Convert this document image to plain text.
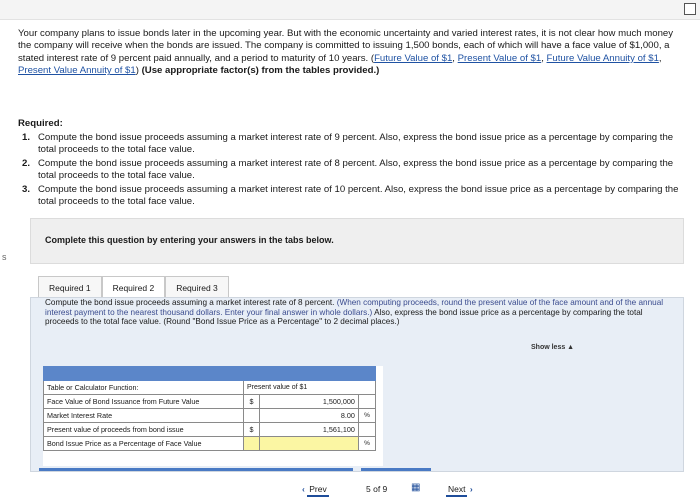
s
Your company plans to issue bonds later in the upcoming year. But with the economic uncertainty and varied interest rates, it is not clear how much money the company will receive when the bonds are issued. The company is committed to issuing 1,500 bonds, each of which will have a face value of $1,000, a stated interest rate of 9 percent paid annually, and a period to maturity of 10 years. (Future Value of $1, Present Value of $1, Future Value Annuity of $1, Present Value Annuity of $1) (Use appropriate factor(s) from the tables provided.)
Required:
1. Compute the bond issue proceeds assuming a market interest rate of 9 percent. Also, express the bond issue price as a percentage by comparing the total proceeds to the total face value.
2. Compute the bond issue proceeds assuming a market interest rate of 8 percent. Also, express the bond issue price as a percentage by comparing the total proceeds to the total face value.
3. Compute the bond issue proceeds assuming a market interest rate of 10 percent. Also, express the bond issue price as a percentage by comparing the total proceeds to the total face value.
Complete this question by entering your answers in the tabs below.
Required 1	Required 2	Required 3
Compute the bond issue proceeds assuming a market interest rate of 8 percent. (When computing proceeds, round the present value of the face amount and of the annual interest payment to the nearest thousand dollars. Enter your final answer in whole dollars.) Also, express the bond issue price as a percentage by comparing the total proceeds to the total face value. (Round "Bond Issue Price as a Percentage" to 2 decimal places.)
Show less ▲

Table or Calculator Function:	Present value of $1		
Face Value of Bond Issuance from Future Value	$	1,500,000	
Market Interest Rate		8.00	%
Present value of proceeds from bond issue	$	1,561,100	
Bond Issue Price as a Percentage of Face Value			%
‹ Prev	5 of 9 ▦	Next ›
